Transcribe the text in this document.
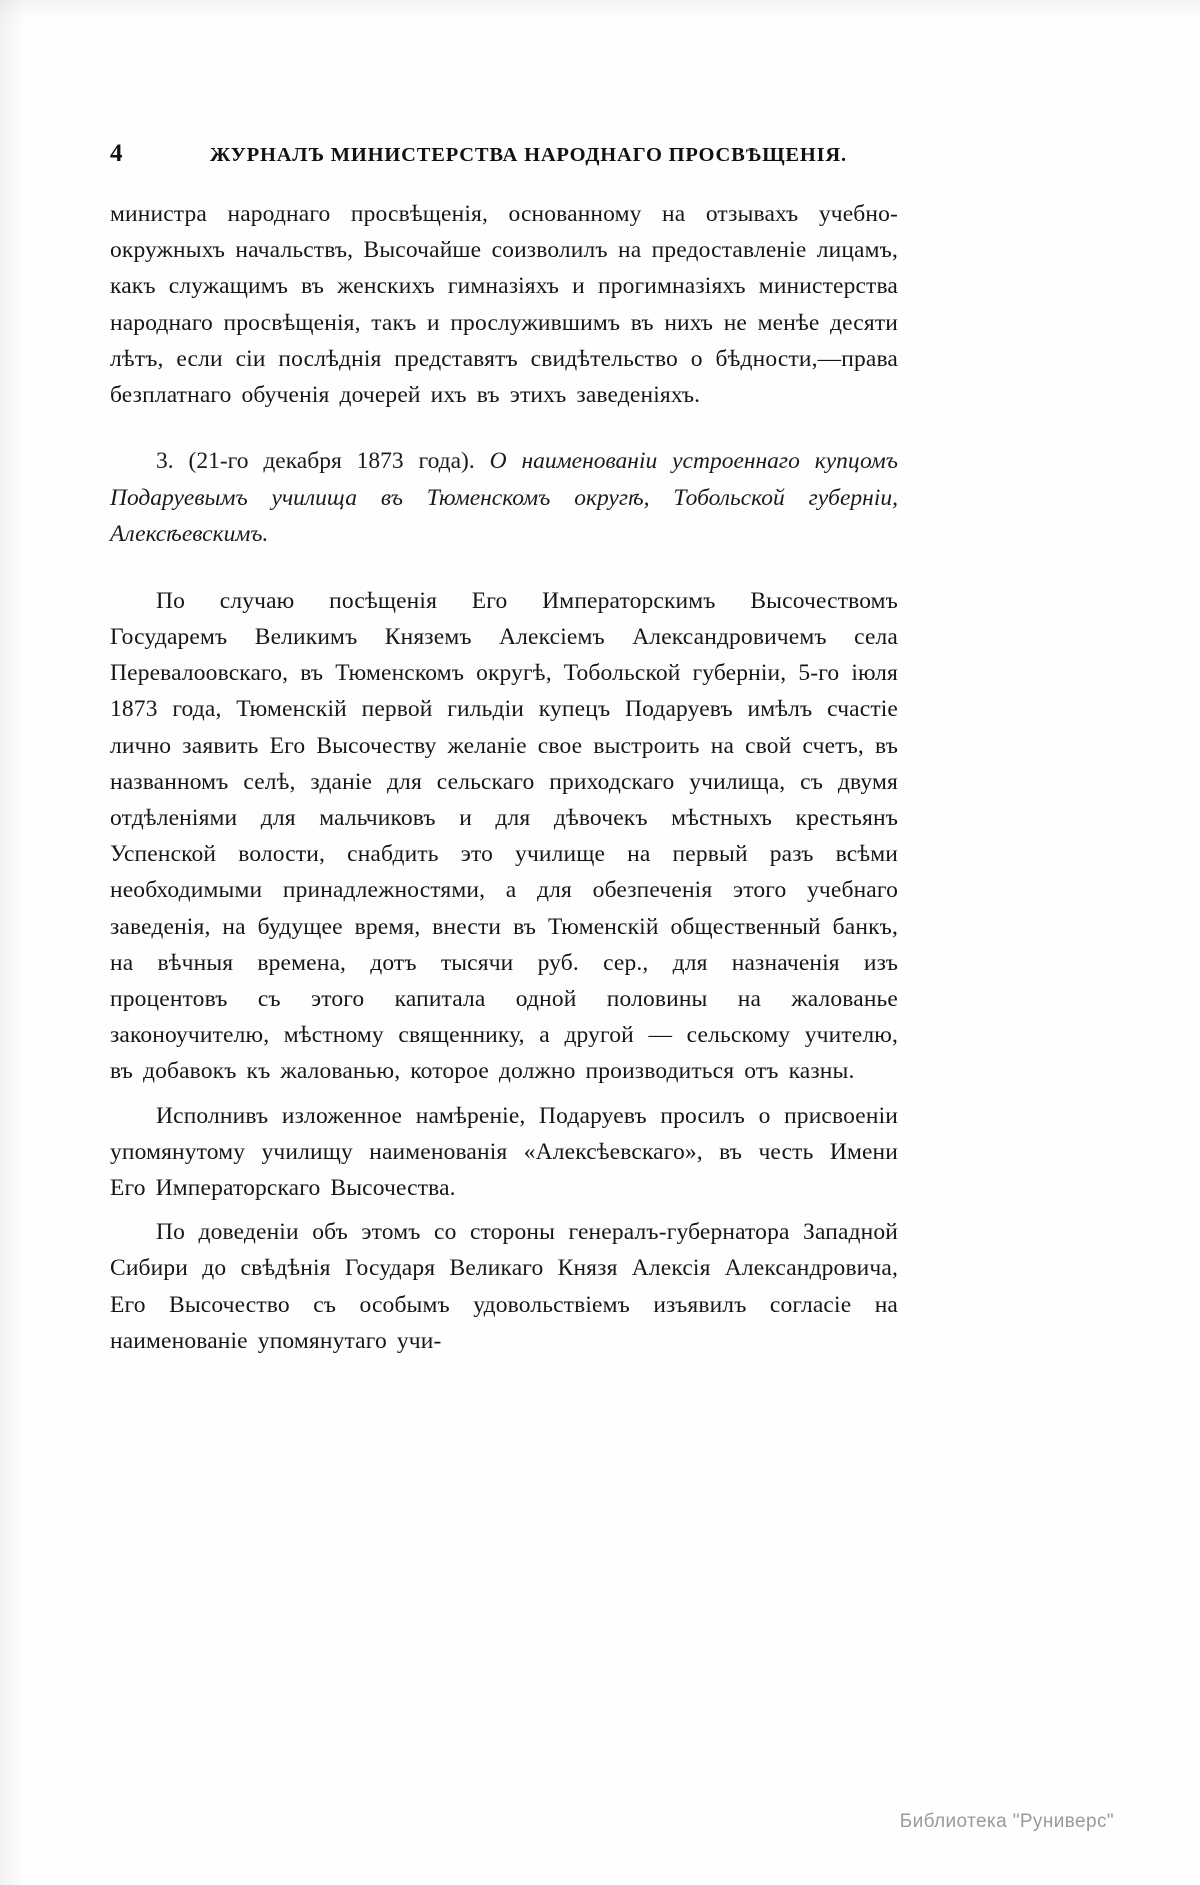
4	ЖУРНАЛЪ МИНИСТЕРСТВА НАРОДНАГО ПРОСВѢЩЕНІЯ.

министра народнаго просвѣщенія, основанному на отзывахъ учебно-окружныхъ начальствъ, Высочайше соизволилъ на предоставленіе лицамъ, какъ служащимъ въ женскихъ гимназіяхъ и прогимназіяхъ министерства народнаго просвѣщенія, такъ и прослужившимъ въ нихъ не менѣе десяти лѣтъ, если сіи послѣднія представятъ свидѣтельство о бѣдности,—права безплатнаго обученія дочерей ихъ въ этихъ заведеніяхъ.

3. (21-го декабря 1873 года). О наименованіи устроеннаго купцомъ Подаруевымъ училища въ Тюменскомъ округѣ, Тобольской губерніи, Алексѣевскимъ.

По случаю посѣщенія Его Императорскимъ Высочествомъ Государемъ Великимъ Княземъ Алексіемъ Александровичемъ села Перевалоовскаго, въ Тюменскомъ округѣ, Тобольской губерніи, 5-го іюля 1873 года, Тюменскій первой гильдіи купецъ Подаруевъ имѣлъ счастіе лично заявить Его Высочеству желаніе свое выстроить на свой счетъ, въ названномъ селѣ, зданіе для сельскаго приходскаго училища, съ двумя отдѣленіями для мальчиковъ и для дѣвочекъ мѣстныхъ крестьянъ Успенской волости, снабдить это училище на первый разъ всѣми необходимыми принадлежностями, а для обезпеченія этого учебнаго заведенія, на будущее время, внести въ Тюменскій общественный банкъ, на вѣчныя времена, дотъ тысячи руб. сер., для назначенія изъ процентовъ съ этого капитала одной половины на жалованье законоучителю, мѣстному священнику, а другой — сельскому учителю, въ добавокъ къ жалованью, которое должно производиться отъ казны.

Исполнивъ изложенное намѣреніе, Подаруевъ просилъ о присвоеніи упомянутому училищу наименованія «Алексѣевскаго», въ честь Имени Его Императорскаго Высочества.

По доведеніи объ этомъ со стороны генералъ-губернатора Западной Сибири до свѣдѣнія Государя Великаго Князя Алексія Александровича, Его Высочество съ особымъ удовольствіемъ изъявилъ согласіе на наименованіе упомянутаго учи-

Библиотека "Руниверс"
